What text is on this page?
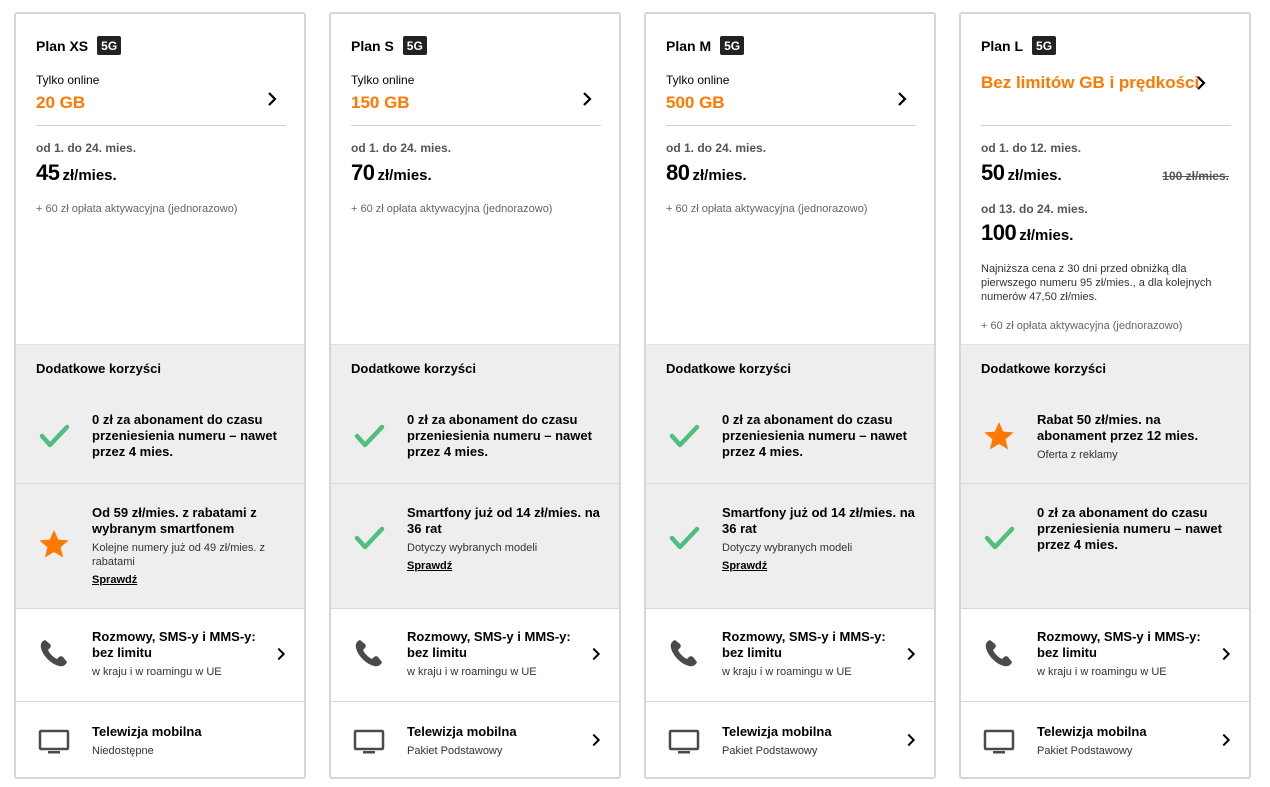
Plan XS	5G
Tylko online
20 GB
od 1. do 24. mies.
45 zł/mies.
+ 60 zł opłata aktywacyjna (jednorazowo)
Dodatkowe korzyści
0 zł za abonament do czasu przeniesienia numeru – nawet przez 4 mies.
Od 59 zł/mies. z rabatami z wybranym smartfonem
Kolejne numery już od 49 zł/mies. z rabatami
Sprawdź
Rozmowy, SMS-y i MMS-y: bez limitu
w kraju i w roamingu w UE
Telewizja mobilna
Niedostępne
Plan S	5G
Tylko online
150 GB
od 1. do 24. mies.
70 zł/mies.
+ 60 zł opłata aktywacyjna (jednorazowo)
Dodatkowe korzyści
0 zł za abonament do czasu przeniesienia numeru – nawet przez 4 mies.
Smartfony już od 14 zł/mies. na 36 rat
Dotyczy wybranych modeli
Sprawdź
Rozmowy, SMS-y i MMS-y: bez limitu
w kraju i w roamingu w UE
Telewizja mobilna
Pakiet Podstawowy
Plan M	5G
Tylko online
500 GB
od 1. do 24. mies.
80 zł/mies.
+ 60 zł opłata aktywacyjna (jednorazowo)
Dodatkowe korzyści
0 zł za abonament do czasu przeniesienia numeru – nawet przez 4 mies.
Smartfony już od 14 zł/mies. na 36 rat
Dotyczy wybranych modeli
Sprawdź
Rozmowy, SMS-y i MMS-y: bez limitu
w kraju i w roamingu w UE
Telewizja mobilna
Pakiet Podstawowy
Plan L	5G
Bez limitów GB i prędkości
od 1. do 12. mies.
50 zł/mies.	100 zł/mies.
od 13. do 24. mies.
100 zł/mies.
Najniższa cena z 30 dni przed obniżką dla pierwszego numeru 95 zł/mies., a dla kolejnych numerów 47,50 zł/mies.
+ 60 zł opłata aktywacyjna (jednorazowo)
Dodatkowe korzyści
Rabat 50 zł/mies. na abonament przez 12 mies.
Oferta z reklamy
0 zł za abonament do czasu przeniesienia numeru – nawet przez 4 mies.
Rozmowy, SMS-y i MMS-y: bez limitu
w kraju i w roamingu w UE
Telewizja mobilna
Pakiet Podstawowy
